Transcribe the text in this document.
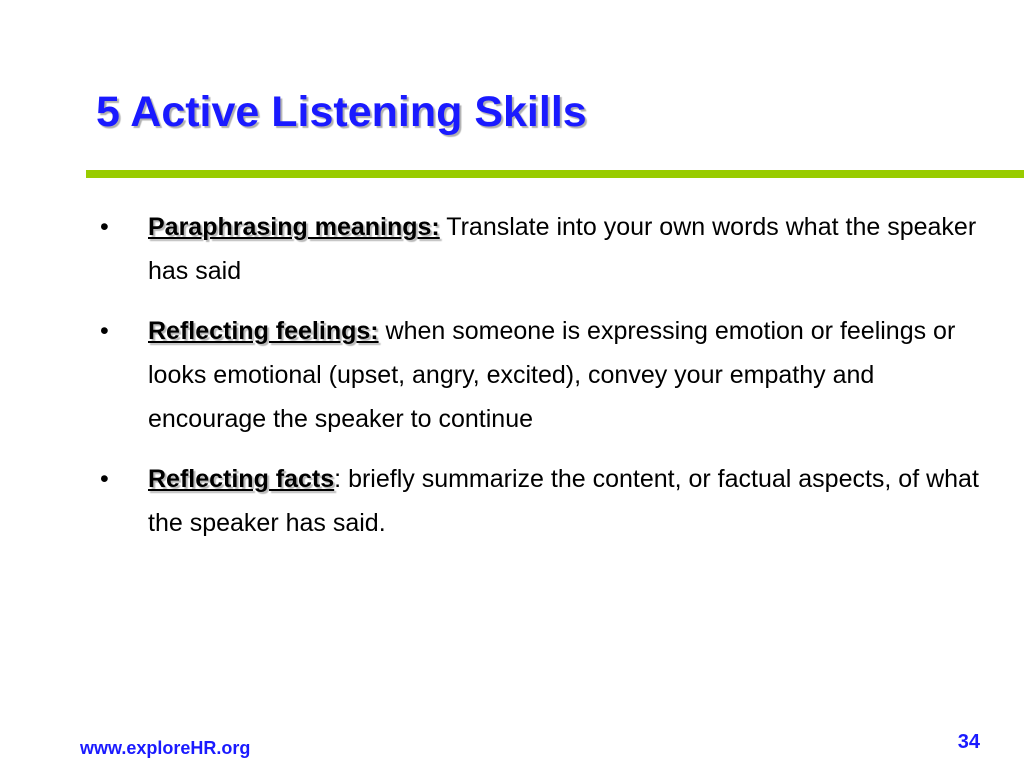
5 Active Listening Skills
• Paraphrasing meanings: Translate into your own words what the speaker has said
• Reflecting feelings: when someone is expressing emotion or feelings or looks emotional (upset, angry, excited), convey your empathy and encourage the speaker to continue
• Reflecting facts: briefly summarize the content, or factual aspects, of what the speaker has said.
www.exploreHR.org	34
